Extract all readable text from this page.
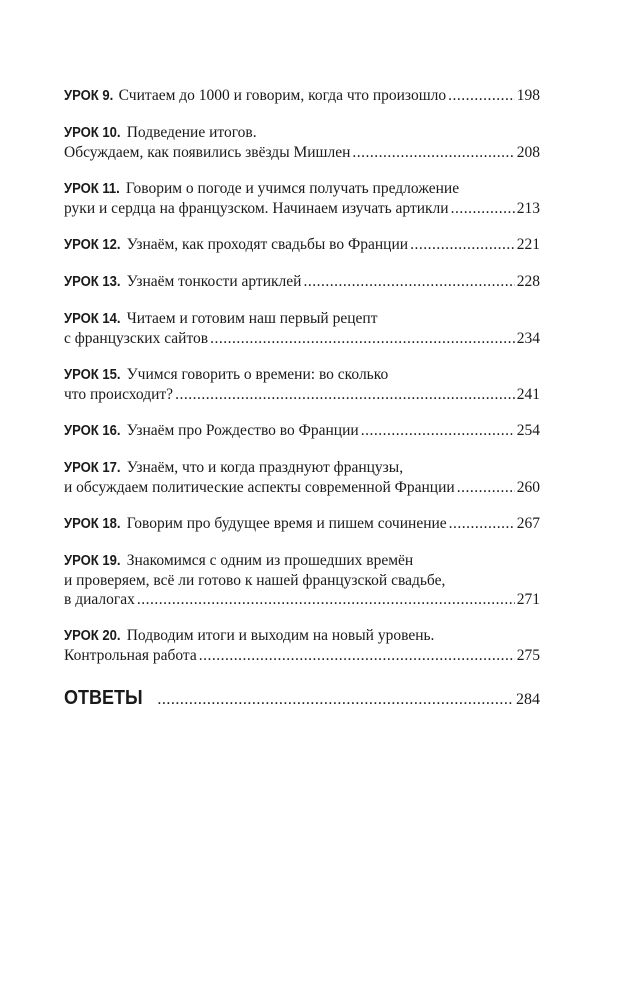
УРОК 9. Считаем до 1000 и говорим, когда что произошло .....	198
УРОК 10. Подведение итогов.
Обсуждаем, как появились звёзды Мишлен .....	208
УРОК 11. Говорим о погоде и учимся получать предложение
руки и сердца на французском. Начинаем изучать артикли .....	213
УРОК 12. Узнаём, как проходят свадьбы во Франции .....	221
УРОК 13. Узнаём тонкости артиклей .....	228
УРОК 14. Читаем и готовим наш первый рецепт
с французских сайтов .....	234
УРОК 15. Учимся говорить о времени: во сколько
что происходит? .....	241
УРОК 16. Узнаём про Рождество во Франции .....	254
УРОК 17. Узнаём, что и когда празднуют французы,
и обсуждаем политические аспекты современной Франции .....	260
УРОК 18. Говорим про будущее время и пишем сочинение .....	267
УРОК 19. Знакомимся с одним из прошедших времён
и проверяем, всё ли готово к нашей французской свадьбе,
в диалогах .....	271
УРОК 20. Подводим итоги и выходим на новый уровень.
Контрольная работа .....	275
ОТВЕТЫ .....	284
